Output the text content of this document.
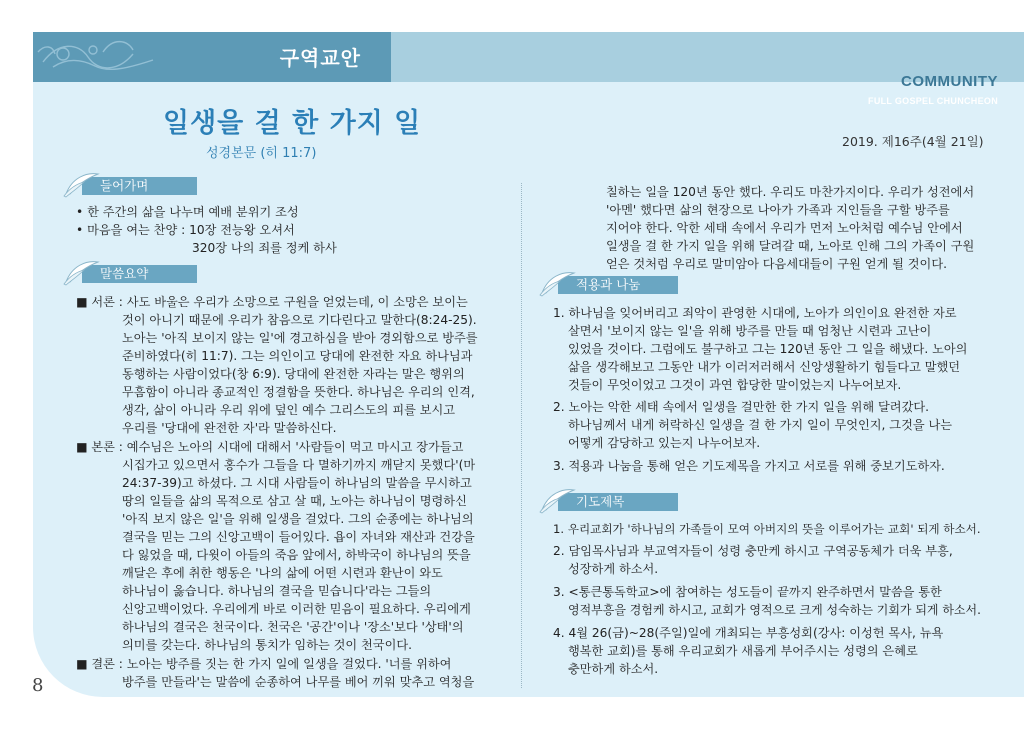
COMMUNITY
FULL GOSPEL CHUNCHEON
구역교안
일생을 걸 한 가지 일
성경본문 (히 11:7)
2019. 제16주(4월 21일)
들어가며
말씀요약
적용과 나눔
기도제목
• 한 주간의 삶을 나누며 예배 분위기 조성
• 마음을 여는 찬양 : 10장 전능왕 오셔서
320장 나의 죄를 정케 하사
■ 서론 : 사도 바울은 우리가 소망으로 구원을 얻었는데, 이 소망은 보이는
것이 아니기 때문에 우리가 참음으로 기다린다고 말한다(8:24-25).
노아는 '아직 보이지 않는 일'에 경고하심을 받아 경외함으로 방주를
준비하였다(히 11:7). 그는 의인이고 당대에 완전한 자요 하나님과
동행하는 사람이었다(창 6:9). 당대에 완전한 자라는 말은 행위의
무흠함이 아니라 종교적인 정결함을 뜻한다. 하나님은 우리의 인격,
생각, 삶이 아니라 우리 위에 덮인 예수 그리스도의 피를 보시고
우리를 '당대에 완전한 자'라 말씀하신다.
■ 본론 : 예수님은 노아의 시대에 대해서 '사람들이 먹고 마시고 장가들고
시집가고 있으면서 홍수가 그들을 다 멸하기까지 깨닫지 못했다'(마
24:37-39)고 하셨다. 그 시대 사람들이 하나님의 말씀을 무시하고
땅의 일들을 삶의 목적으로 삼고 살 때, 노아는 하나님이 명령하신
'아직 보지 않은 일'을 위해 일생을 걸었다. 그의 순종에는 하나님의
결국을 믿는 그의 신앙고백이 들어있다. 욥이 자녀와 재산과 건강을
다 잃었을 때, 다윗이 아들의 죽음 앞에서, 하박국이 하나님의 뜻을
깨달은 후에 취한 행동은 '나의 삶에 어떤 시련과 환난이 와도
하나님이 옳습니다. 하나님의 결국을 믿습니다'라는 그들의
신앙고백이었다. 우리에게 바로 이러한 믿음이 필요하다. 우리에게
하나님의 결국은 천국이다. 천국은 '공간'이나 '장소'보다 '상태'의
의미를 갖는다. 하나님의 통치가 임하는 것이 천국이다.
■ 결론 : 노아는 방주를 짓는 한 가지 일에 일생을 걸었다. '너를 위하여
방주를 만들라'는 말씀에 순종하여 나무를 베어 끼워 맞추고 역청을
칠하는 일을 120년 동안 했다. 우리도 마찬가지이다. 우리가 성전에서
'아멘' 했다면 삶의 현장으로 나아가 가족과 지인들을 구할 방주를
지어야 한다. 악한 세태 속에서 우리가 먼저 노아처럼 예수님 안에서
일생을 걸 한 가지 일을 위해 달려갈 때, 노아로 인해 그의 가족이 구원
얻은 것처럼 우리로 말미암아 다음세대들이 구원 얻게 될 것이다.
1. 하나님을 잊어버리고 죄악이 관영한 시대에, 노아가 의인이요 완전한 자로
살면서 '보이지 않는 일'을 위해 방주를 만들 때 엄청난 시련과 고난이
있었을 것이다. 그럼에도 불구하고 그는 120년 동안 그 일을 해냈다. 노아의
삶을 생각해보고 그동안 내가 이러저러해서 신앙생활하기 힘들다고 말했던
것들이 무엇이었고 그것이 과연 합당한 말이었는지 나누어보자.
2. 노아는 악한 세태 속에서 일생을 걸만한 한 가지 일을 위해 달려갔다.
하나님께서 내게 허락하신 일생을 걸 한 가지 일이 무엇인지, 그것을 나는
어떻게 감당하고 있는지 나누어보자.
3. 적용과 나눔을 통해 얻은 기도제목을 가지고 서로를 위해 중보기도하자.
1. 우리교회가 '하나님의 가족들이 모여 아버지의 뜻을 이루어가는 교회' 되게 하소서.
2. 담임목사님과 부교역자들이 성령 충만케 하시고 구역공동체가 더욱 부흥,
성장하게 하소서.
3. <통큰통독학교>에 참여하는 성도들이 끝까지 완주하면서 말씀을 통한
영적부흥을 경험케 하시고, 교회가 영적으로 크게 성숙하는 기회가 되게 하소서.
4. 4월 26(금)~28(주일)일에 개최되는 부흥성회(강사: 이성헌 목사, 뉴욕
행복한 교회)를 통해 우리교회가 새롭게 부어주시는 성령의 은혜로
충만하게 하소서.
8
